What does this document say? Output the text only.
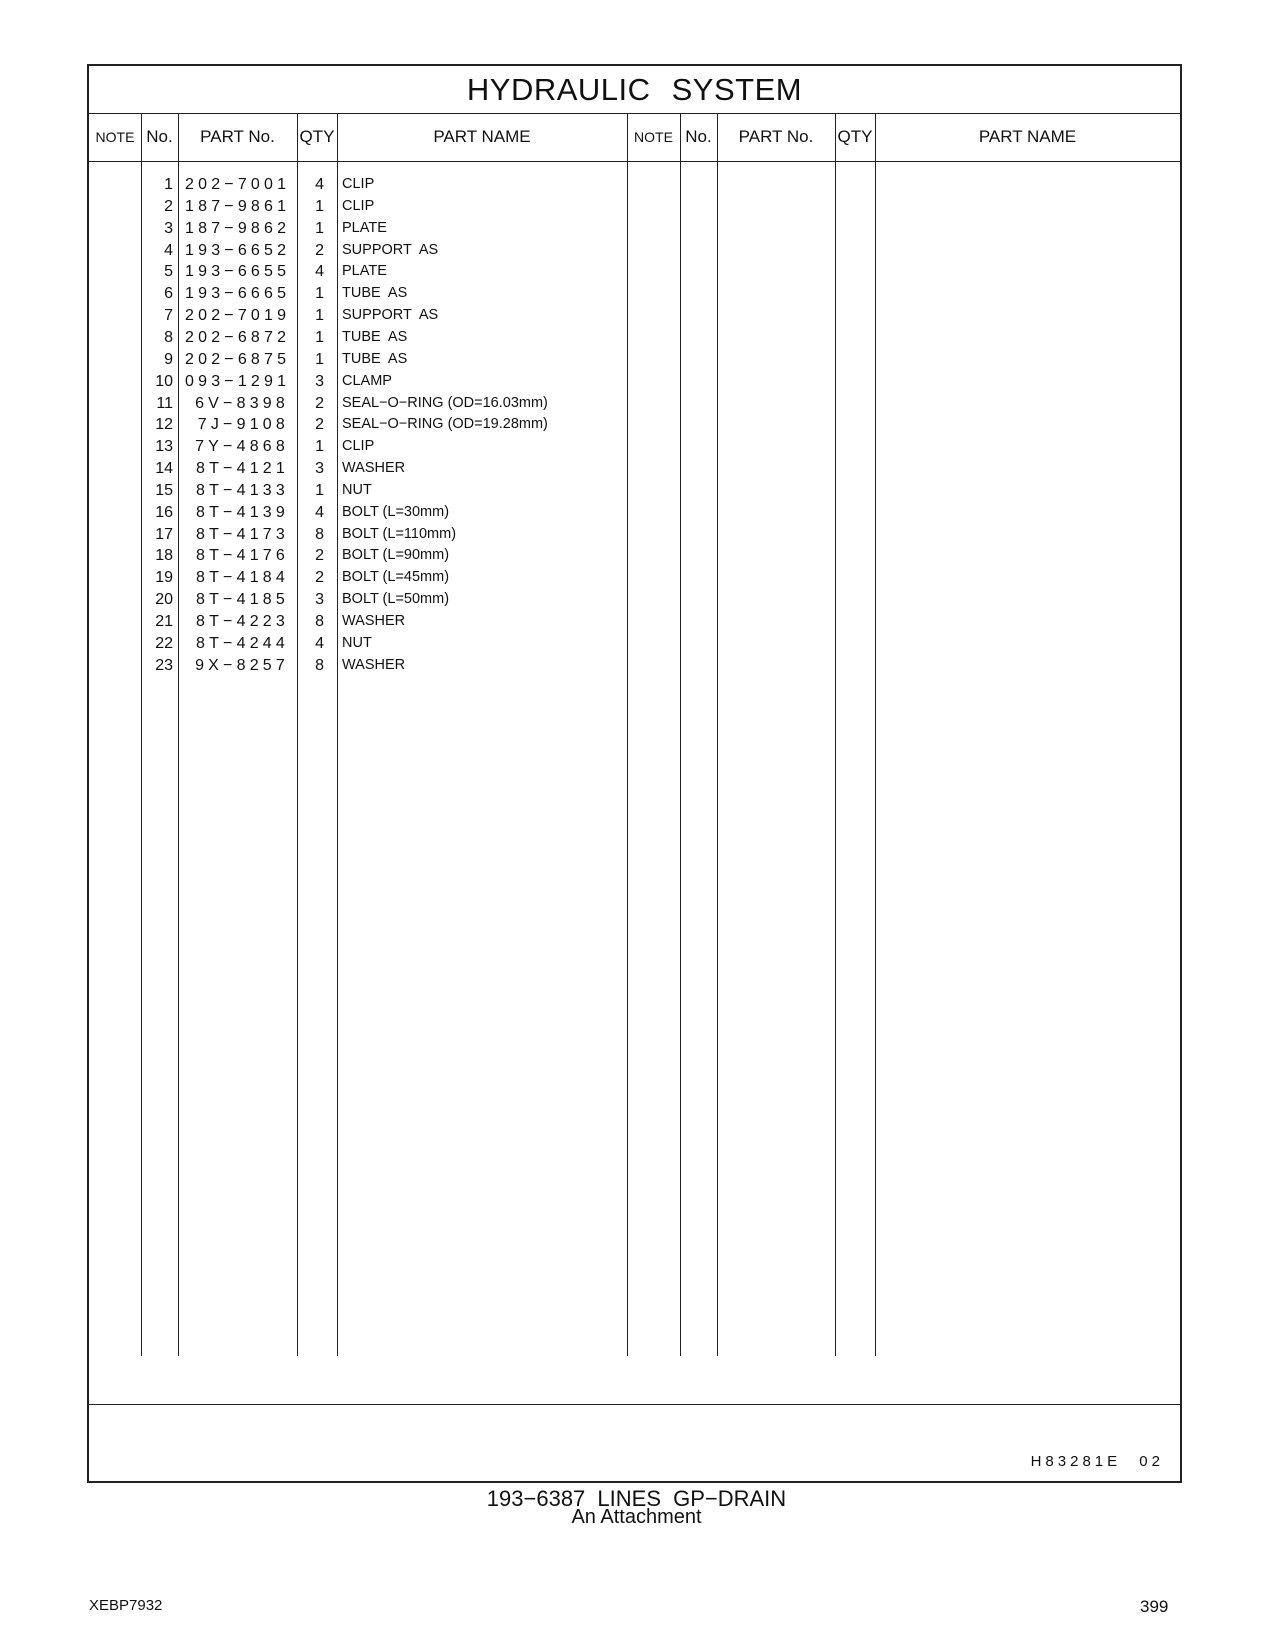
HYDRAULIC SYSTEM
NOTE No.	PART No.	QTY	PART NAME	NOTE No.	PART No.	QTY	PART NAME
1 202−7001	4 CLIP
2 187−9861	1 CLIP
3 187−9862	1 PLATE
4 193−6652	2 SUPPORT  AS
5 193−6655	4 PLATE
6 193−6665	1 TUBE  AS
7 202−7019	1 SUPPORT  AS
8 202−6872	1 TUBE  AS
9 202−6875	1 TUBE  AS
10 093−1291	3 CLAMP
11	6V−8398	2 SEAL−O−RING (OD=16.03mm)
12	7J−9108	2 SEAL−O−RING (OD=19.28mm)
13	7Y−4868	1 CLIP
14	8T−4121	3 WASHER
15	8T−4133	1 NUT
16	8T−4139	4 BOLT (L=30mm)
17	8T−4173	8 BOLT (L=110mm)
18	8T−4176	2 BOLT (L=90mm)
19	8T−4184	2 BOLT (L=45mm)
20	8T−4185	3 BOLT (L=50mm)
21	8T−4223	8 WASHER
22	8T−4244	4 NUT
23	9X−8257	8 WASHER
H83281E 02
193−6387 LINES GP−DRAIN
An Attachment
XEBP7932	399
